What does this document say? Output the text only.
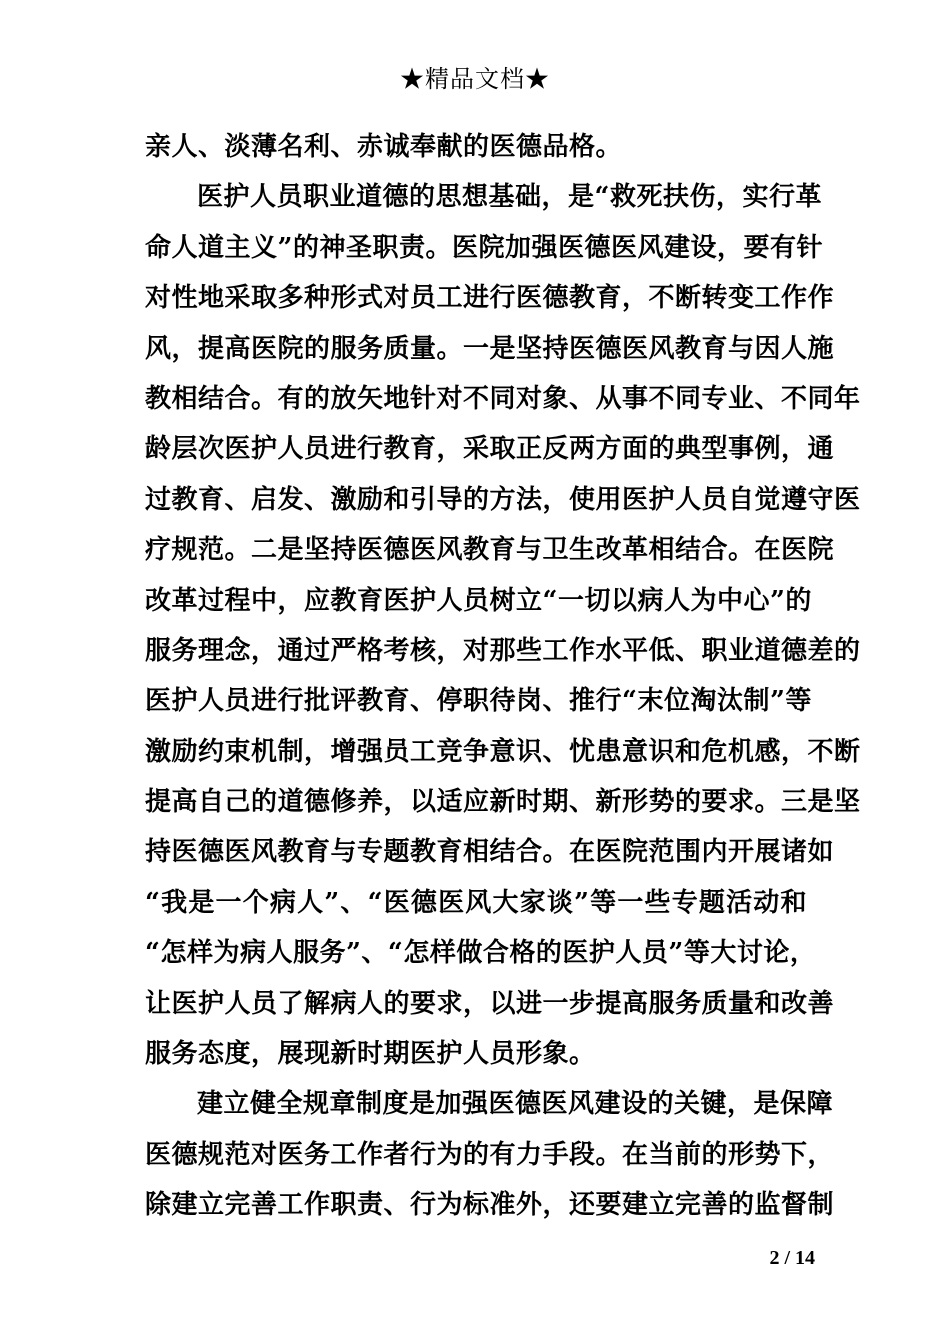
★精品文档★
亲人、淡薄名利、赤诚奉献的医德品格。
医护人员职业道德的思想基础，是“救死扶伤，实行革
命人道主义”的神圣职责。医院加强医德医风建设，要有针
对性地采取多种形式对员工进行医德教育，不断转变工作作
风，提高医院的服务质量。一是坚持医德医风教育与因人施
教相结合。有的放矢地针对不同对象、从事不同专业、不同年
龄层次医护人员进行教育，采取正反两方面的典型事例，通
过教育、启发、激励和引导的方法，使用医护人员自觉遵守医
疗规范。二是坚持医德医风教育与卫生改革相结合。在医院
改革过程中，应教育医护人员树立“一切以病人为中心”的
服务理念，通过严格考核，对那些工作水平低、职业道德差的
医护人员进行批评教育、停职待岗、推行“末位淘汰制”等
激励约束机制，增强员工竞争意识、忧患意识和危机感，不断
提高自己的道德修养，以适应新时期、新形势的要求。三是坚
持医德医风教育与专题教育相结合。在医院范围内开展诸如
“我是一个病人”、“医德医风大家谈”等一些专题活动和
“怎样为病人服务”、“怎样做合格的医护人员”等大讨论，
让医护人员了解病人的要求，以进一步提高服务质量和改善
服务态度，展现新时期医护人员形象。
建立健全规章制度是加强医德医风建设的关键，是保障
医德规范对医务工作者行为的有力手段。在当前的形势下，
除建立完善工作职责、行为标准外，还要建立完善的监督制
2 / 14
